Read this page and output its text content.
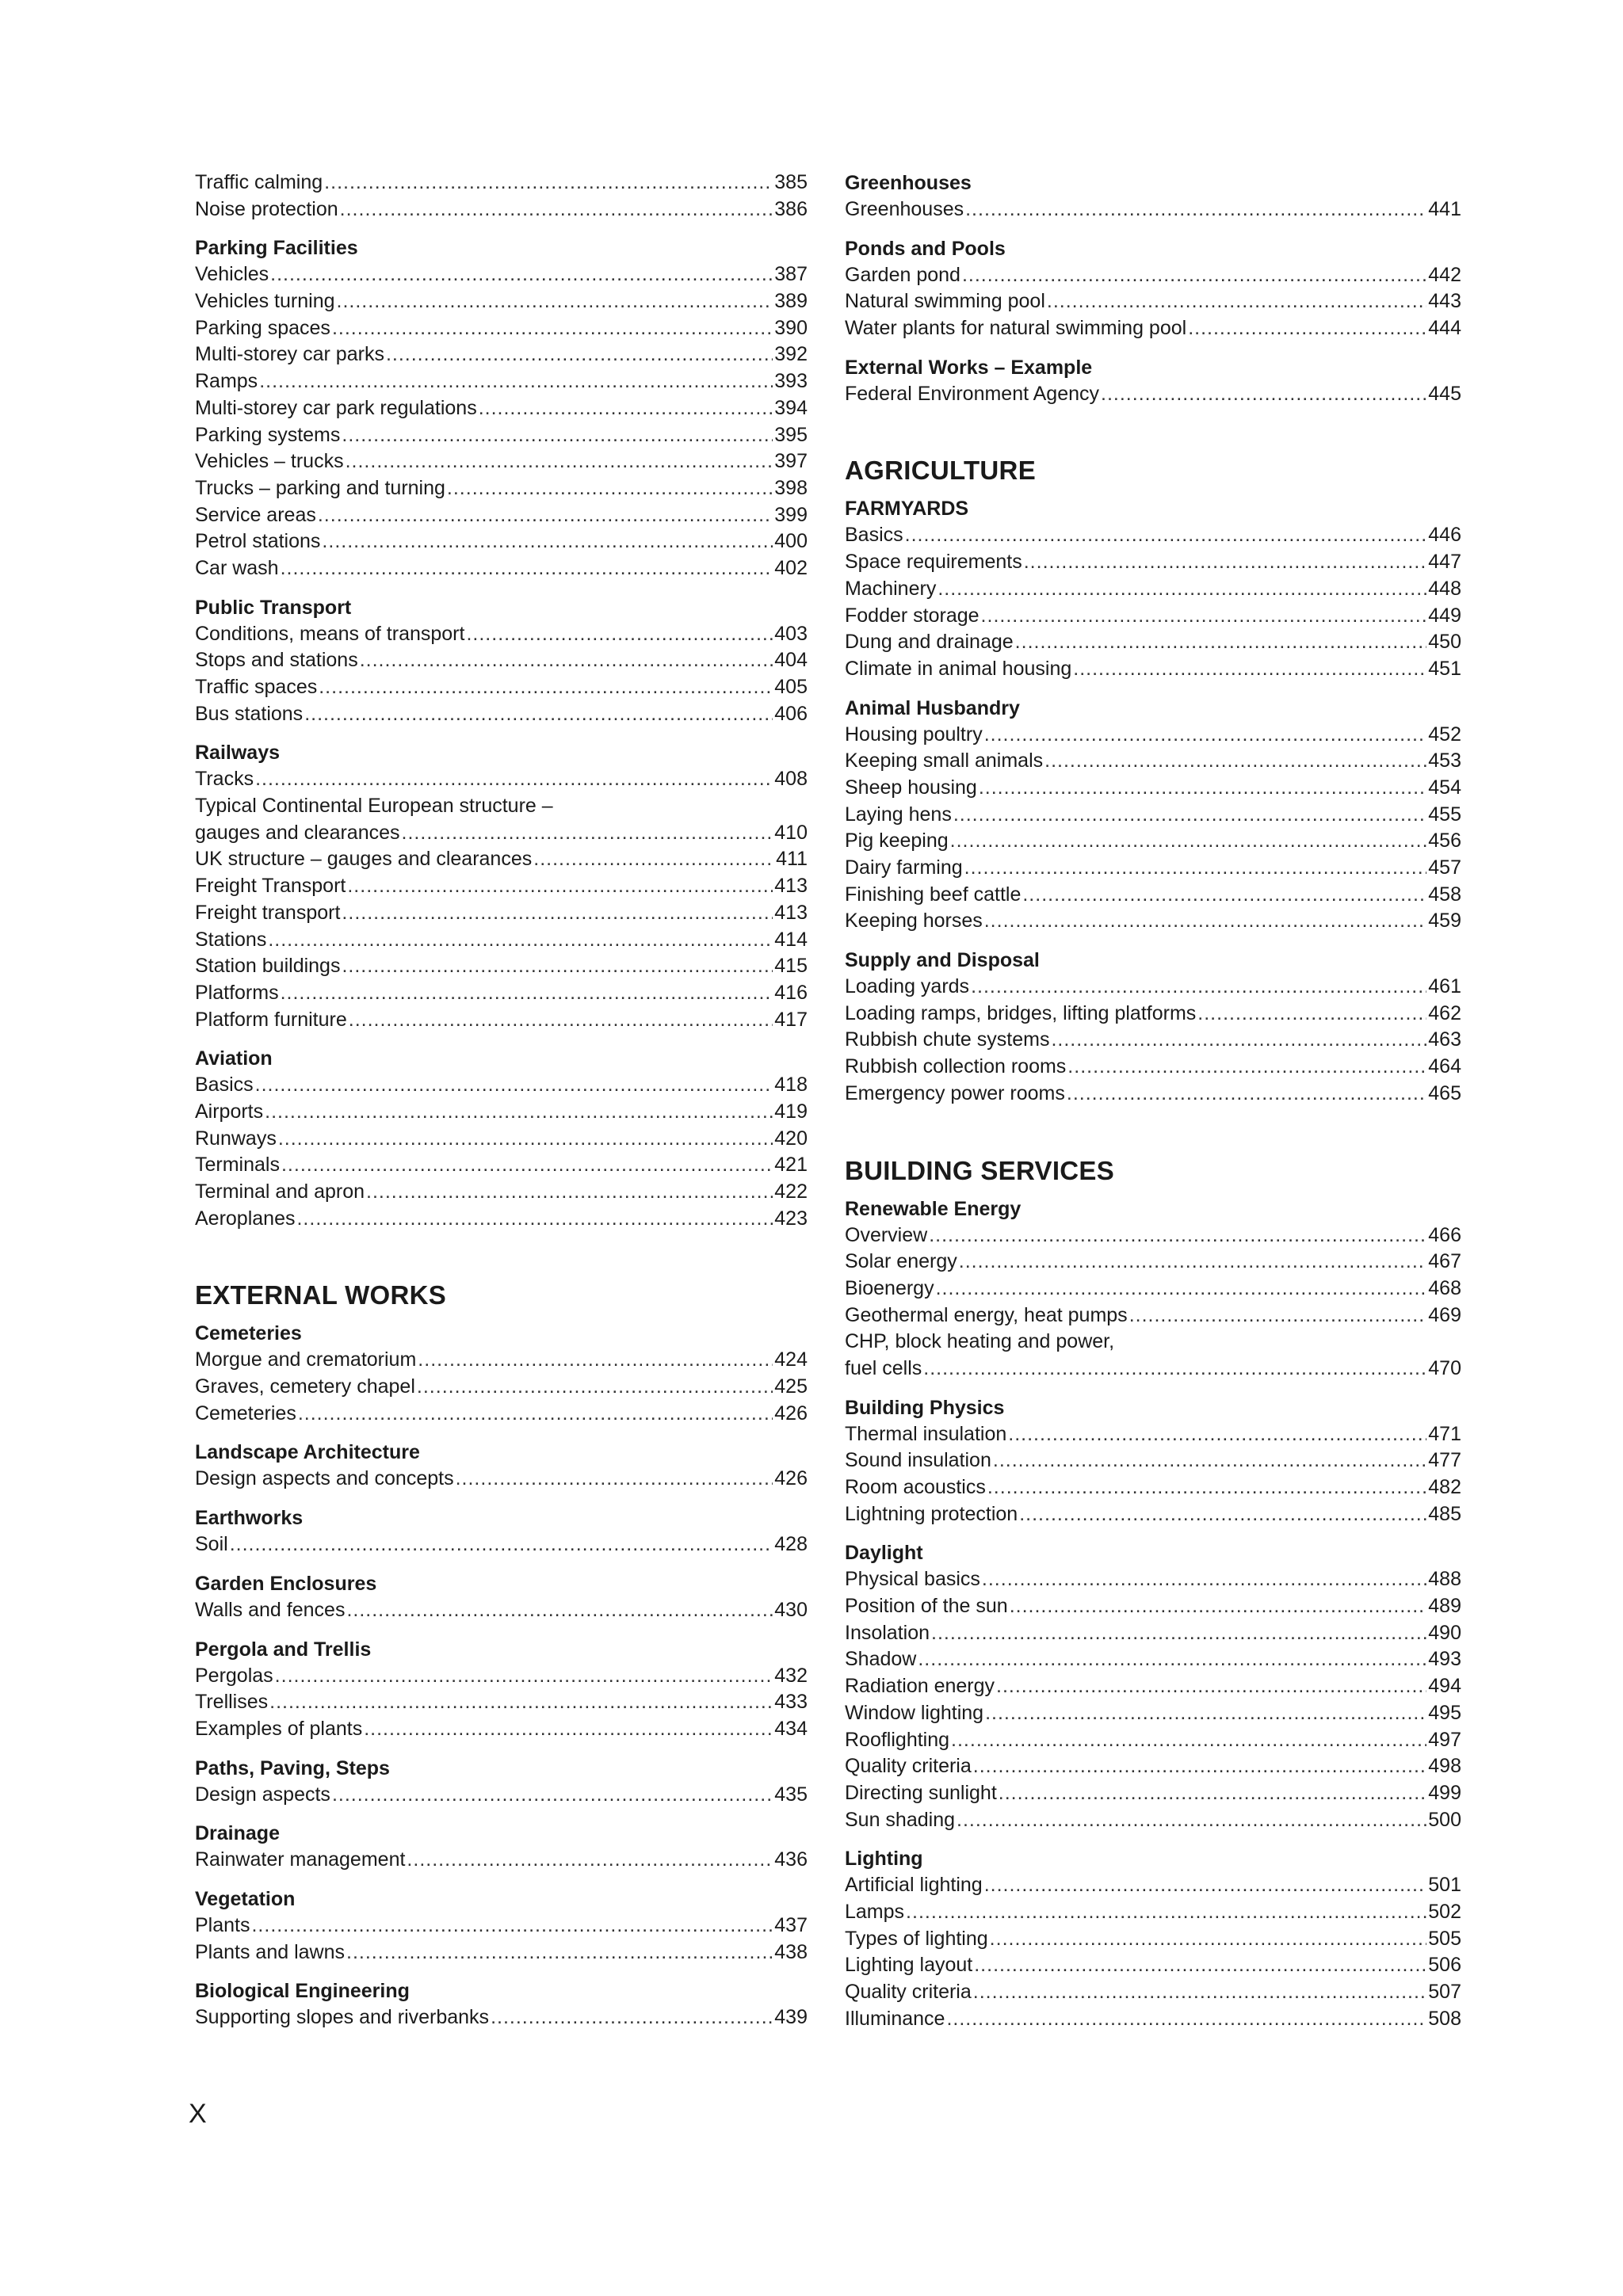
Traffic calming .....	385
Noise protection .....	386
Parking Facilities
Vehicles .....	387
Vehicles turning .....	389
Parking spaces .....	390
Multi-storey car parks .....	392
Ramps .....	393
Multi-storey car park regulations .....	394
Parking systems .....	395
Vehicles – trucks .....	397
Trucks – parking and turning .....	398
Service areas .....	399
Petrol stations .....	400
Car wash .....	402
Public Transport
Conditions, means of transport .....	403
Stops and stations .....	404
Traffic spaces .....	405
Bus stations .....	406
Railways
Tracks .....	408
Typical Continental European structure –
gauges and clearances .....	410
UK structure – gauges and clearances .....	411
Freight Transport .....	413
Freight transport .....	413
Stations .....	414
Station buildings .....	415
Platforms .....	416
Platform furniture .....	417
Aviation
Basics .....	418
Airports .....	419
Runways .....	420
Terminals .....	421
Terminal and apron .....	422
Aeroplanes .....	423
EXTERNAL WORKS
Cemeteries
Morgue and crematorium .....	424
Graves, cemetery chapel .....	425
Cemeteries .....	426
Landscape Architecture
Design aspects and concepts .....	426
Earthworks
Soil .....	428
Garden Enclosures
Walls and fences .....	430
Pergola and Trellis
Pergolas .....	432
Trellises .....	433
Examples of plants .....	434
Paths, Paving, Steps
Design aspects .....	435
Drainage
Rainwater management .....	436
Vegetation
Plants .....	437
Plants and lawns .....	438
Biological Engineering
Supporting slopes and riverbanks .....	439
Greenhouses
Greenhouses .....	441
Ponds and Pools
Garden pond .....	442
Natural swimming pool .....	443
Water plants for natural swimming pool .....	444
External Works – Example
Federal Environment Agency .....	445
AGRICULTURE
FARMYARDS
Basics .....	446
Space requirements .....	447
Machinery .....	448
Fodder storage .....	449
Dung and drainage .....	450
Climate in animal housing .....	451
Animal Husbandry
Housing poultry .....	452
Keeping small animals .....	453
Sheep housing .....	454
Laying hens .....	455
Pig keeping .....	456
Dairy farming .....	457
Finishing beef cattle .....	458
Keeping horses .....	459
Supply and Disposal
Loading yards .....	461
Loading ramps, bridges, lifting platforms .....	462
Rubbish chute systems .....	463
Rubbish collection rooms .....	464
Emergency power rooms .....	465
BUILDING SERVICES
Renewable Energy
Overview .....	466
Solar energy .....	467
Bioenergy .....	468
Geothermal energy, heat pumps .....	469
CHP, block heating and power,
fuel cells .....	470
Building Physics
Thermal insulation .....	471
Sound insulation .....	477
Room acoustics .....	482
Lightning protection .....	485
Daylight
Physical basics .....	488
Position of the sun .....	489
Insolation .....	490
Shadow .....	493
Radiation energy .....	494
Window lighting .....	495
Rooflighting .....	497
Quality criteria .....	498
Directing sunlight .....	499
Sun shading .....	500
Lighting
Artificial lighting .....	501
Lamps .....	502
Types of lighting .....	505
Lighting layout .....	506
Quality criteria .....	507
Illuminance .....	508
X
